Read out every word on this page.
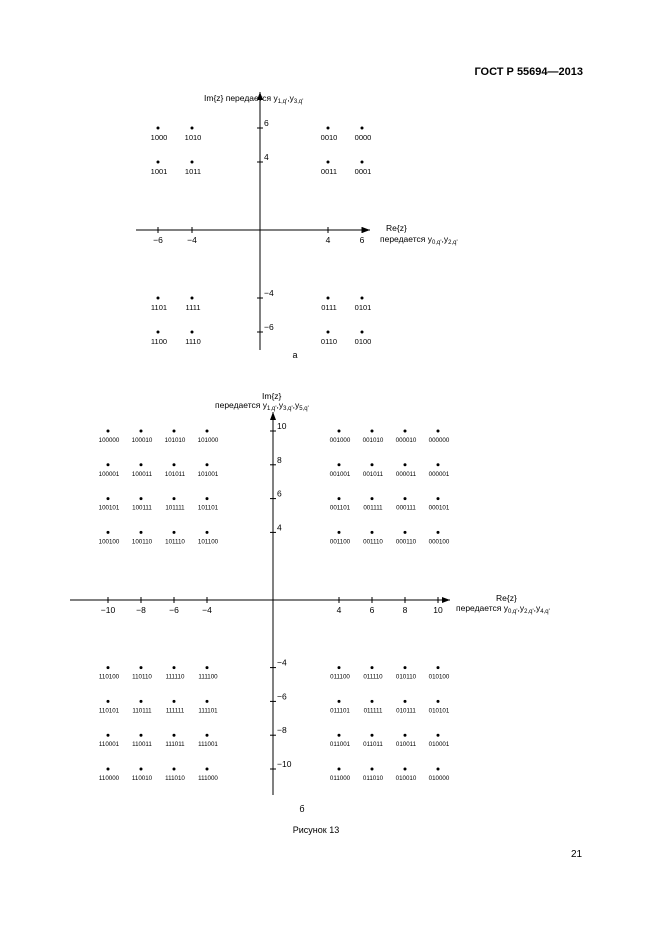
ГОСТ Р 55694—2013
−6	−4	4	6
6
4
−4
−6
1000 1010	0010 0000
1001 1011	0011 0001
1101 1111	0111 0101
1100 1110	0110 0100
Re{z}
передается $y_{0,q'},y_{2,q'}$
Im{z} передается $y_{1,q'},y_{3,q'}$
а
−10 −8	−6	−4	4	6	8	10
10
8
6
4
−4
−6
−8
−10
100000 100010 101010 101000	001000 001010 000010 000000
100001 100011 101011 101001	001001 001011 000011 000001
100101 100111 101111 101101	001101 001111 000111 000101
100100 100110 101110 101100	001100 001110 000110 000100
110100 110110 111110 111100	011100 011110 010110 010100
110101 110111 111111 111101	011101 011111 010111 010101
110001 110011 111011 111001	011001 011011 010011 010001
110000 110010 111010 111000	011000 011010 010010 010000
Re{z}
передается $y_{0,q'},y_{2,q'},y_{4,q'}$
Im{z}
передается $y_{1,q'},y_{3,q'},y_{5,q'}$
б
Рисунок 13
21
